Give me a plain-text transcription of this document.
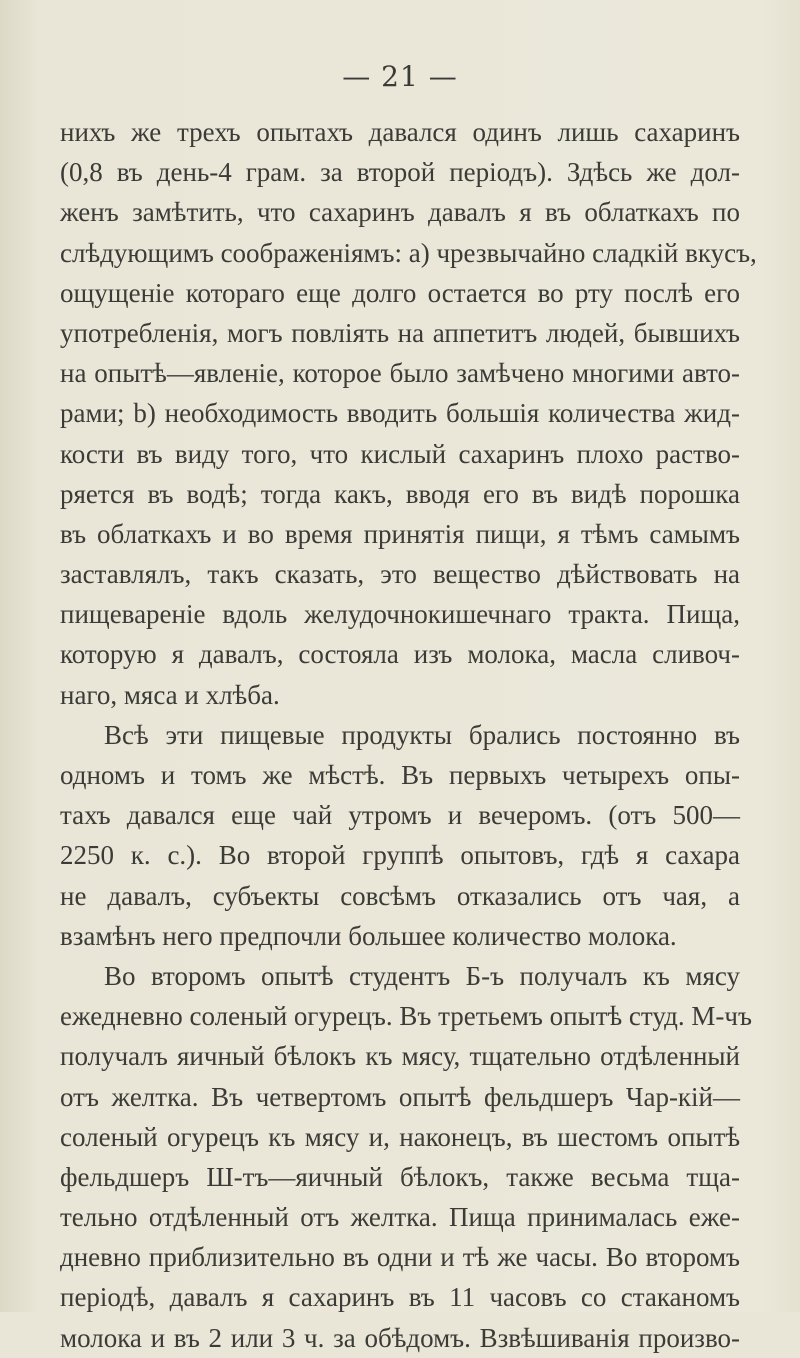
— 21 —
нихъ же трехъ опытахъ давался одинъ лишь сахаринъ
(0,8 въ день-4 грам. за второй періодъ). Здѣсь же дол-
женъ замѣтить, что сахаринъ давалъ я въ облаткахъ по
слѣдующимъ соображеніямъ: а) чрезвычайно сладкій вкусъ,
ощущеніе котораго еще долго остается во рту послѣ его
употребленія, могъ повліять на аппетитъ людей, бывшихъ
на опытѣ—явленіе, которое было замѣчено многими авто-
рами; b) необходимость вводить большія количества жид-
кости въ виду того, что кислый сахаринъ плохо раство-
ряется въ водѣ; тогда какъ, вводя его въ видѣ порошка
въ облаткахъ и во время принятія пищи, я тѣмъ самымъ
заставлялъ, такъ сказать, это вещество дѣйствовать на
пищевареніе вдоль желудочнокишечнаго тракта. Пища,
которую я давалъ, состояла изъ молока, масла сливоч-
наго, мяса и хлѣба.
Всѣ эти пищевые продукты брались постоянно въ
одномъ и томъ же мѣстѣ. Въ первыхъ четырехъ опы-
тахъ давался еще чай утромъ и вечеромъ. (отъ 500—
2250 к. с.). Во второй группѣ опытовъ, гдѣ я сахара
не давалъ, субъекты совсѣмъ отказались отъ чая, а
взамѣнъ него предпочли большее количество молока.
Во второмъ опытѣ студентъ Б-ъ получалъ къ мясу
ежедневно соленый огурецъ. Въ третьемъ опытѣ студ. М-чъ
получалъ яичный бѣлокъ къ мясу, тщательно отдѣленный
отъ желтка. Въ четвертомъ опытѣ фельдшеръ Чар-кій—
соленый огурецъ къ мясу и, наконецъ, въ шестомъ опытѣ
фельдшеръ Ш-тъ—яичный бѣлокъ, также весьма тща-
тельно отдѣленный отъ желтка. Пища принималась еже-
дневно приблизительно въ одни и тѣ же часы. Во второмъ
періодѣ, давалъ я сахаринъ въ 11 часовъ со стаканомъ
молока и въ 2 или 3 ч. за обѣдомъ. Взвѣшиванія произво-
